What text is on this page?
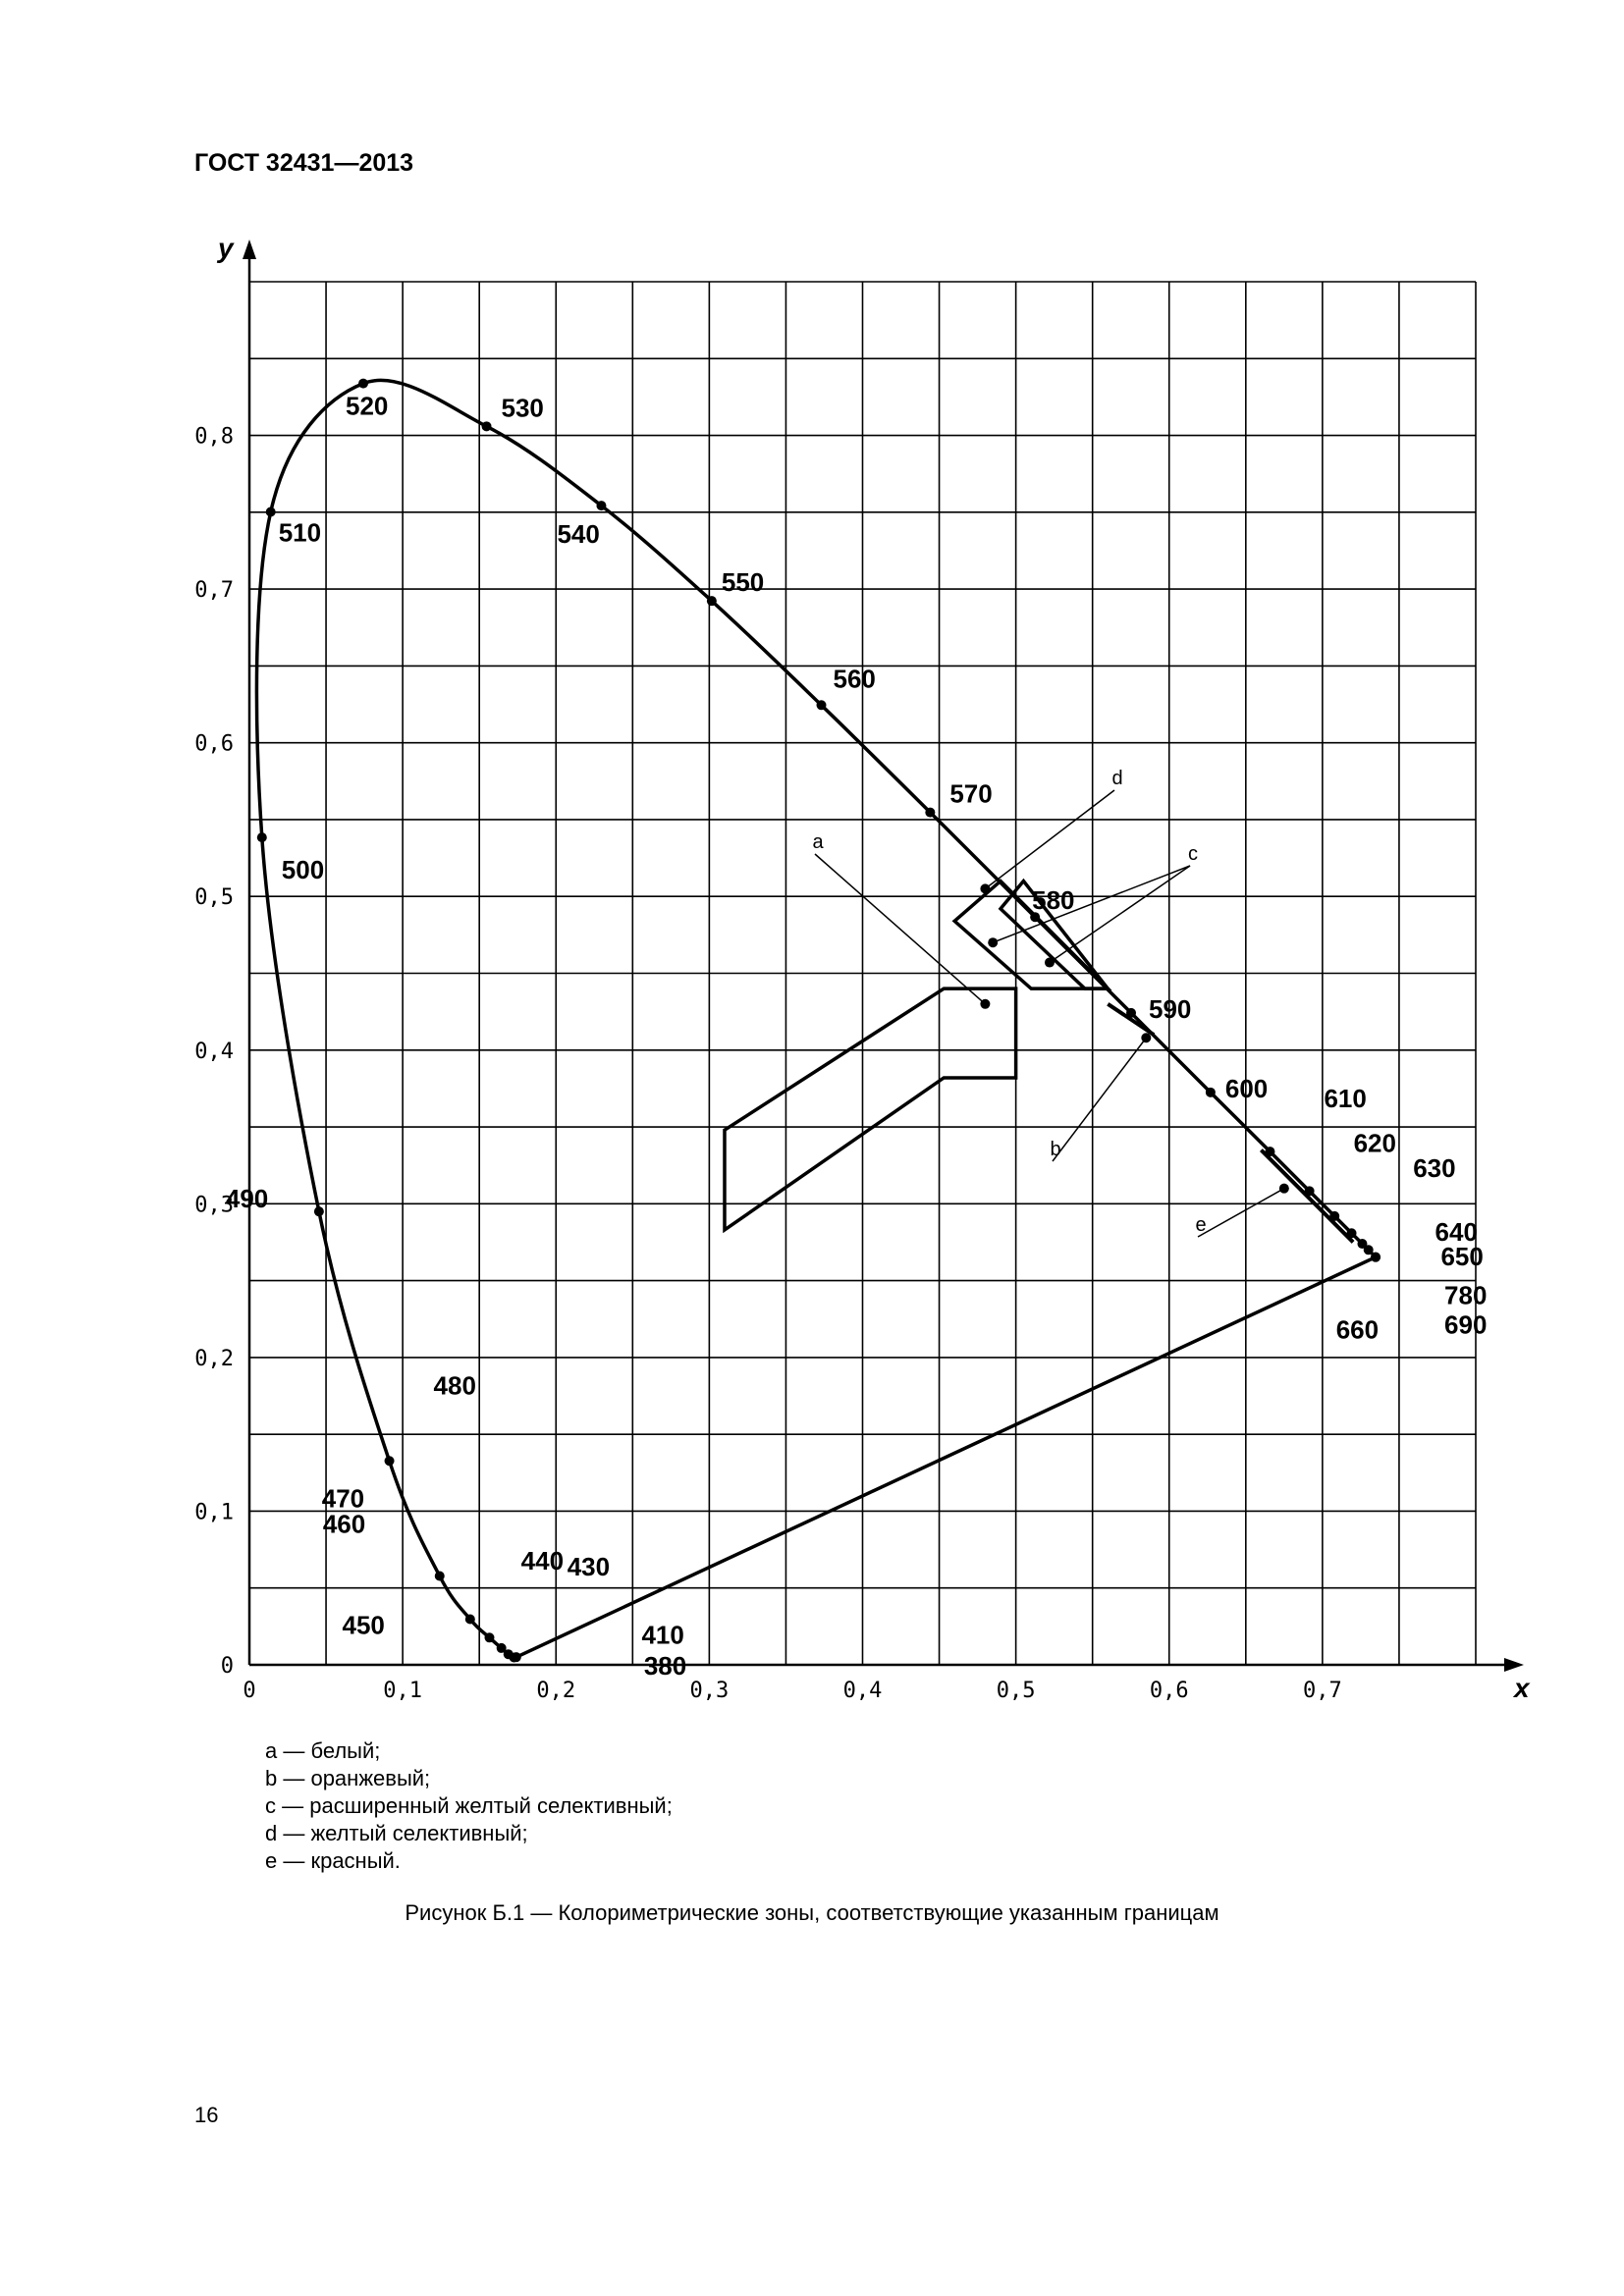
ГОСТ 32431—2013
x
y
0	0,1	0,2	0,3	0,4	0,5	0,6	0,7
0
0,1
0,2
0,3
0,4
0,5
0,6
0,7
0,8
a
b
c
d
e
380
410
430
440
450
460
470
480
490
500
510
520	530
540
550
560
570
580
590
600 610
620
630
640
650
660	690
780
a — белый;
b — оранжевый;
c — расширенный желтый селективный;
d — желтый селективный;
e — красный.
Рисунок Б.1 — Колориметрические зоны, соответствующие указанным границам
16
